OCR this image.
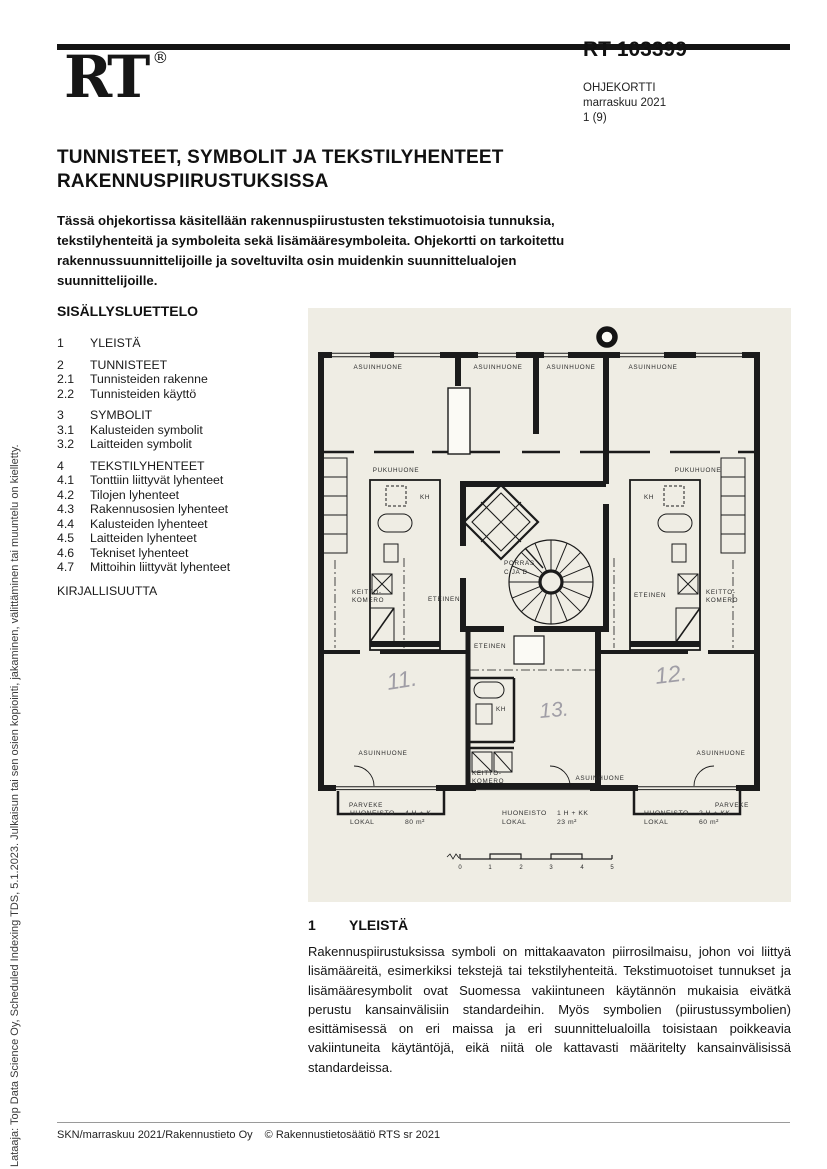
RT ®	RT 103399
OHJEKORTTI
marraskuu 2021
1 (9)
TUNNISTEET, SYMBOLIT JA TEKSTILYHENTEET
RAKENNUSPIIRUSTUKSISSA
Tässä ohjekortissa käsitellään rakennuspiirustusten tekstimuotoisia tunnuksia, tekstilyhenteitä ja symboleita sekä lisämääresymboleita. Ohjekortti on tarkoitettu rakennussuunnittelijoille ja soveltuvilta osin muidenkin suunnittelualojen suunnittelijoille.
SISÄLLYSLUETTELO
1	YLEISTÄ
2	TUNNISTEET
2.1	Tunnisteiden rakenne
2.2	Tunnisteiden käyttö
3	SYMBOLIT
3.1	Kalusteiden symbolit
3.2	Laitteiden symbolit
4	TEKSTILYHENTEET
4.1	Tonttiin liittyvät lyhenteet
4.2	Tilojen lyhenteet
4.3	Rakennusosien lyhenteet
4.4	Kalusteiden lyhenteet
4.5	Laitteiden lyhenteet
4.6	Tekniset lyhenteet
4.7	Mittoihin liittyvät lyhenteet
KIRJALLISUUTTA
ASUINHUONE	ASUINHUONE	ASUINHUONE	ASUINHUONE
PUKUHUONE	PUKUHUONE
KH	KH
KEITTO-
KOMERO	ETEINEN
ETEINEN	KEITTO-
KOMERO
PORRAS
C JA D
ETEINEN
KH
KEITTO-
KOMERO
ASUINHUONE	ASUINHUONE
ASUINHUONE
PARVEKE	PARVEKE
11.	12.
13.
HUONEISTO 4 H + K
LOKAL	80 m²
HUONEISTO 1 H + KK
LOKAL	23 m²
HUONEISTO 2 H + KK
LOKAL	60 m²
0	1	2	3	4	5
1	YLEISTÄ
Rakennuspiirustuksissa symboli on mittakaavaton piirrosilmaisu, johon voi liittyä lisämääreitä, esimerkiksi tekstejä tai tekstilyhenteitä. Tekstimuotoiset tunnukset ja lisämääresymbolit ovat Suomessa vakiintuneen käytännön mukaisia eivätkä perustu kansainvälisiin standardeihin. Myös symbolien (piirustussymbolien) esittämisessä on eri maissa ja eri suunnittelualoilla toisistaan poikkeavia vakiintuneita käytäntöjä, eikä niitä ole kattavasti määritelty kansainvälisissä standardeissa.
SKN/marraskuu 2021/Rakennustieto Oy © Rakennustietosäätiö RTS sr 2021
Lataaja: Top Data Science Oy, Scheduled Indexing TDS, 5.1.2023. Julkaisun tai sen osien kopiointi, jakaminen, välittäminen tai muuntelu on kielletty.
